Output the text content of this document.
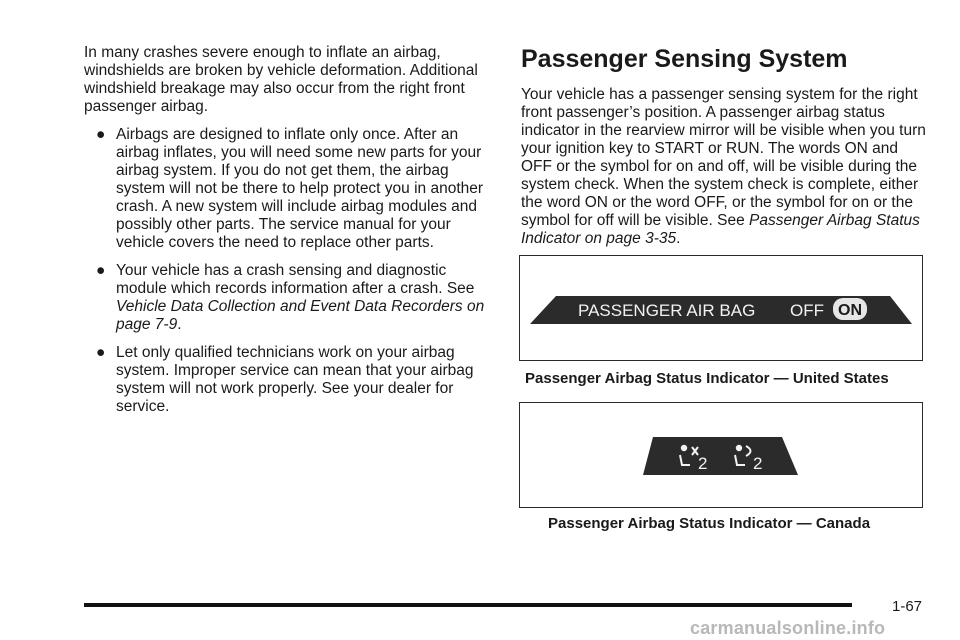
In many crashes severe enough to inflate an airbag, windshields are broken by vehicle deformation. Additional windshield breakage may also occur from the right front passenger airbag.

● Airbags are designed to inflate only once. After an airbag inflates, you will need some new parts for your airbag system. If you do not get them, the airbag system will not be there to help protect you in another crash. A new system will include airbag modules and possibly other parts. The service manual for your vehicle covers the need to replace other parts.
● Your vehicle has a crash sensing and diagnostic module which records information after a crash. See Vehicle Data Collection and Event Data Recorders on page 7-9.
● Let only qualified technicians work on your airbag system. Improper service can mean that your airbag system will not work properly. See your dealer for service.
Passenger Sensing System

Your vehicle has a passenger sensing system for the right front passenger’s position. A passenger airbag status indicator in the rearview mirror will be visible when you turn your ignition key to START or RUN. The words ON and OFF or the symbol for on and off, will be visible during the system check. When the system check is complete, either the word ON or the word OFF, or the symbol for on or the symbol for off will be visible. See Passenger Airbag Status Indicator on page 3-35.

PASSENGER AIR BAG OFF ON
Passenger Airbag Status Indicator — United States
2	2
Passenger Airbag Status Indicator — Canada
1-67
carmanualsonline.info
